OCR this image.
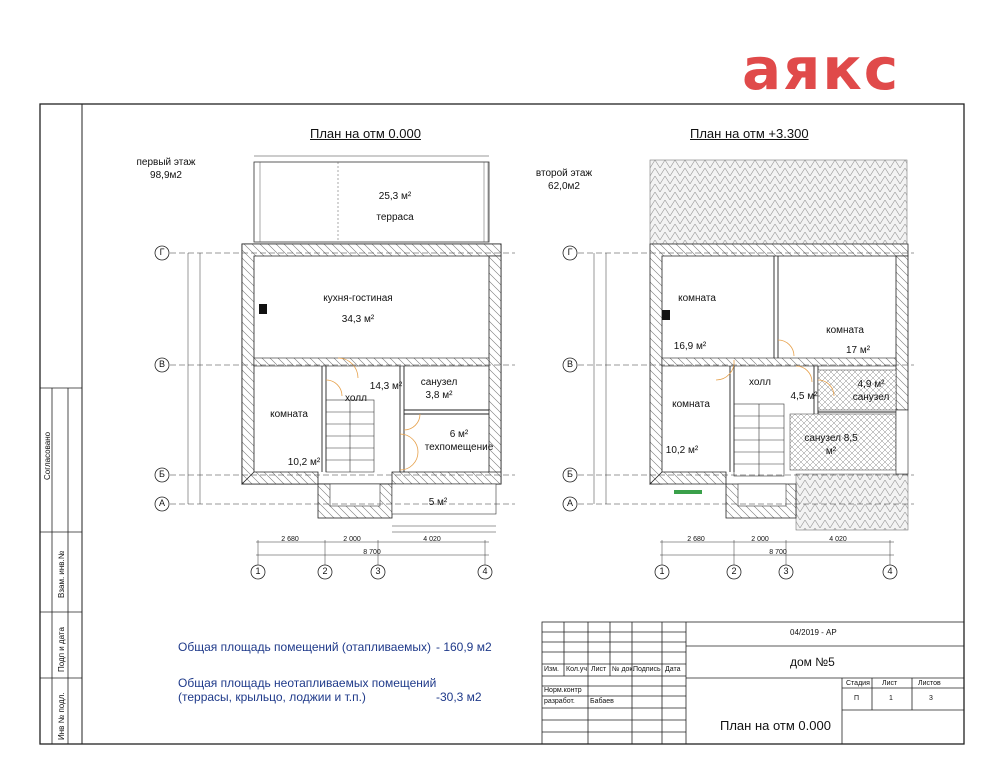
аякс
План на отм 0.000	План на отм +3.300
первый этаж
98,9м2	второй этаж
62,0м2
25,3 м²
терраса
кухня-гостиная
34,3 м²
14,3 м²
холл
санузел
3,8 м²
комната
10,2 м²
6 м²
техпомещение
5 м²
комната
16,9 м²
комната
17 м²
холл
4,5 м²
4,9 м²
санузел
комната
10,2 м²
санузел 8,5 м²
Г
В
Б
А
1	2	3	4
2 680	2 000	4 020
8 700
Г
В
Б
А
1	2	3	4
2 680	2 000	4 020
8 700
Общая площадь помещений (отапливаемых) - 160,9 м2
Общая площадь неотапливаемых помещений
(террасы, крыльцо, лоджии и т.п.)	-30,3 м2
Согласовано
Взам. инв.№
Подп и дата
Инв № подл.
04/2019 - АР
дом №5
Изм. Кол.уч Лист № док.
Подпись Дата
Норм.контр
разработ. Бабаев
Стадия Лист	Листов
П	1	3
План на отм 0.000
